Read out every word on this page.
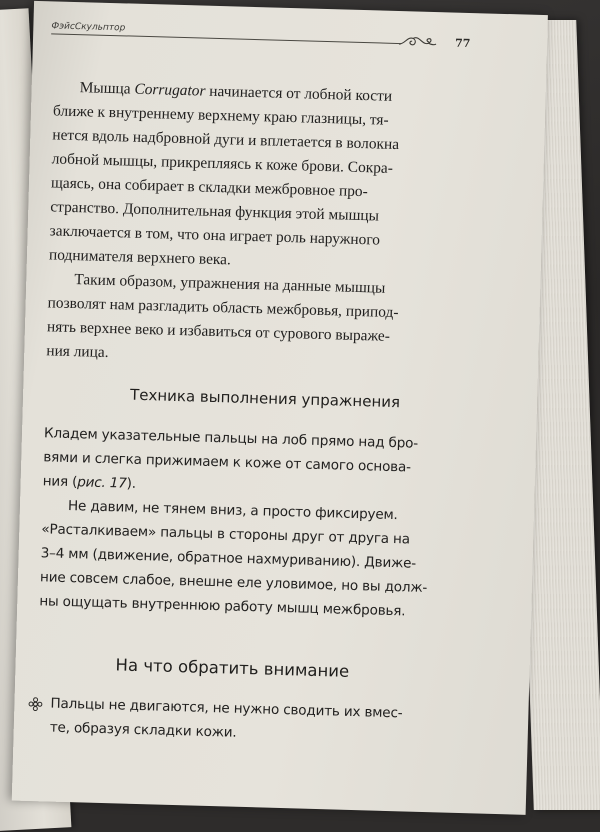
ФэйсСкульптор
77

Мышца Corrugator начинается от лобной кости
ближе к внутреннему верхнему краю глазницы, тя-
нется вдоль надбровной дуги и вплетается в волокна
лобной мышцы, прикрепляясь к коже брови. Сокра-
щаясь, она собирает в складки межбровное про-
странство. Дополнительная функция этой мышцы
заключается в том, что она играет роль наружного
поднимателя верхнего века.

Таким образом, упражнения на данные мышцы
позволят нам разгладить область межбровья, припод-
нять верхнее веко и избавиться от сурового выраже-
ния лица.

Техника выполнения упражнения

Кладем указательные пальцы на лоб прямо над бро-
вями и слегка прижимаем к коже от самого основа-
ния (рис. 17).

Не давим, не тянем вниз, а просто фиксируем.
«Расталкиваем» пальцы в стороны друг от друга на
3–4 мм (движение, обратное нахмуриванию). Движе-
ние совсем слабое, внешне еле уловимое, но вы долж-
ны ощущать внутреннюю работу мышц межбровья.

На что обратить внимание
Пальцы не двигаются, не нужно сводить их вмес-
те, образуя складки кожи.
